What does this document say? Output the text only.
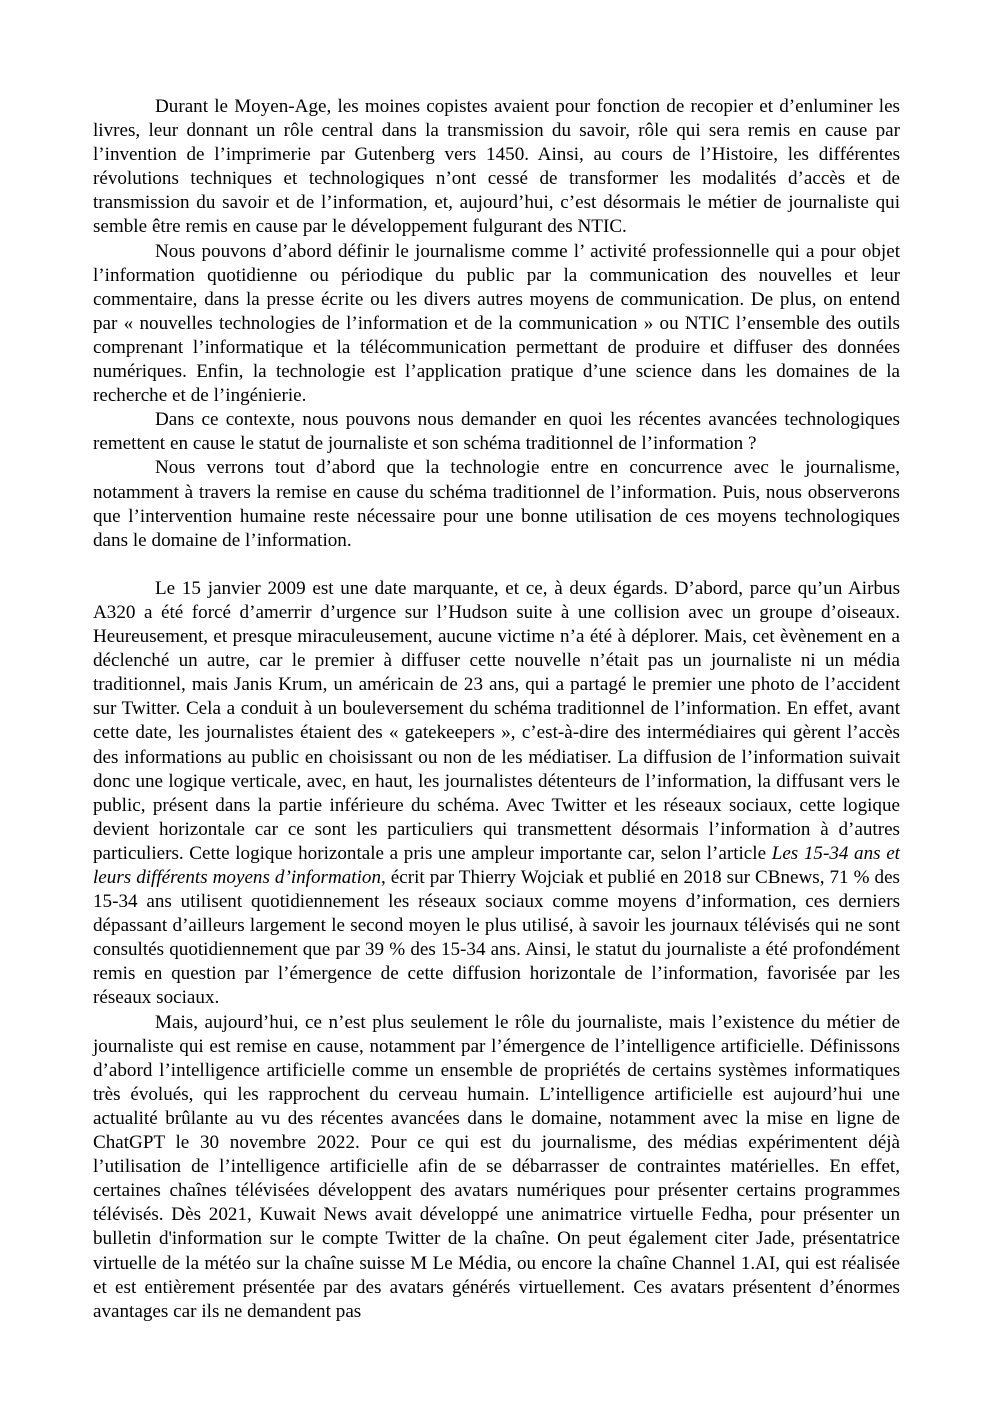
Durant le Moyen-Age, les moines copistes avaient pour fonction de recopier et d’enluminer les livres, leur donnant un rôle central dans la transmission du savoir, rôle qui sera remis en cause par l’invention de l’imprimerie par Gutenberg vers 1450. Ainsi, au cours de l’Histoire, les différentes révolutions techniques et technologiques n’ont cessé de transformer les modalités d’accès et de transmission du savoir et de l’information, et, aujourd’hui, c’est désormais le métier de journaliste qui semble être remis en cause par le développement fulgurant des NTIC.

Nous pouvons d’abord définir le journalisme comme l’ activité professionnelle qui a pour objet l’information quotidienne ou périodique du public par la communication des nouvelles et leur commentaire, dans la presse écrite ou les divers autres moyens de communication. De plus, on entend par « nouvelles technologies de l’information et de la communication » ou NTIC l’ensemble des outils comprenant l’informatique et la télécommunication permettant de produire et diffuser des données numériques. Enfin, la technologie est l’application pratique d’une science dans les domaines de la recherche et de l’ingénierie.

Dans ce contexte, nous pouvons nous demander en quoi les récentes avancées technologiques remettent en cause le statut de journaliste et son schéma traditionnel de l’information ?

Nous verrons tout d’abord que la technologie entre en concurrence avec le journalisme, notamment à travers la remise en cause du schéma traditionnel de l’information. Puis, nous observerons que l’intervention humaine reste nécessaire pour une bonne utilisation de ces moyens technologiques dans le domaine de l’information.

Le 15 janvier 2009 est une date marquante, et ce, à deux égards. D’abord, parce qu’un Airbus A320 a été forcé d’amerrir d’urgence sur l’Hudson suite à une collision avec un groupe d’oiseaux. Heureusement, et presque miraculeusement, aucune victime n’a été à déplorer. Mais, cet èvènement en a déclenché un autre, car le premier à diffuser cette nouvelle n’était pas un journaliste ni un média traditionnel, mais Janis Krum, un américain de 23 ans, qui a partagé le premier une photo de l’accident sur Twitter. Cela a conduit à un bouleversement du schéma traditionnel de l’information. En effet, avant cette date, les journalistes étaient des « gatekeepers », c’est-à-dire des intermédiaires qui gèrent l’accès des informations au public en choisissant ou non de les médiatiser. La diffusion de l’information suivait donc une logique verticale, avec, en haut, les journalistes détenteurs de l’information, la diffusant vers le public, présent dans la partie inférieure du schéma. Avec Twitter et les réseaux sociaux, cette logique devient horizontale car ce sont les particuliers qui transmettent désormais l’information à d’autres particuliers. Cette logique horizontale a pris une ampleur importante car, selon l’article Les 15-34 ans et leurs différents moyens d’information, écrit par Thierry Wojciak et publié en 2018 sur CBnews, 71 % des 15-34 ans utilisent quotidiennement les réseaux sociaux comme moyens d’information, ces derniers dépassant d’ailleurs largement le second moyen le plus utilisé, à savoir les journaux télévisés qui ne sont consultés quotidiennement que par 39 % des 15-34 ans. Ainsi, le statut du journaliste a été profondément remis en question par l’émergence de cette diffusion horizontale de l’information, favorisée par les réseaux sociaux.

Mais, aujourd’hui, ce n’est plus seulement le rôle du journaliste, mais l’existence du métier de journaliste qui est remise en cause, notamment par l’émergence de l’intelligence artificielle. Définissons d’abord l’intelligence artificielle comme un ensemble de propriétés de certains systèmes informatiques très évolués, qui les rapprochent du cerveau humain. L’intelligence artificielle est aujourd’hui une actualité brûlante au vu des récentes avancées dans le domaine, notamment avec la mise en ligne de ChatGPT le 30 novembre 2022. Pour ce qui est du journalisme, des médias expérimentent déjà l’utilisation de l’intelligence artificielle afin de se débarrasser de contraintes matérielles. En effet, certaines chaînes télévisées développent des avatars numériques pour présenter certains programmes télévisés. Dès 2021, Kuwait News avait développé une animatrice virtuelle Fedha, pour présenter un bulletin d'information sur le compte Twitter de la chaîne. On peut également citer Jade, présentatrice virtuelle de la météo sur la chaîne suisse M Le Média, ou encore la chaîne Channel 1.AI, qui est réalisée et est entièrement présentée par des avatars générés virtuellement. Ces avatars présentent d’énormes avantages car ils ne demandent pas
